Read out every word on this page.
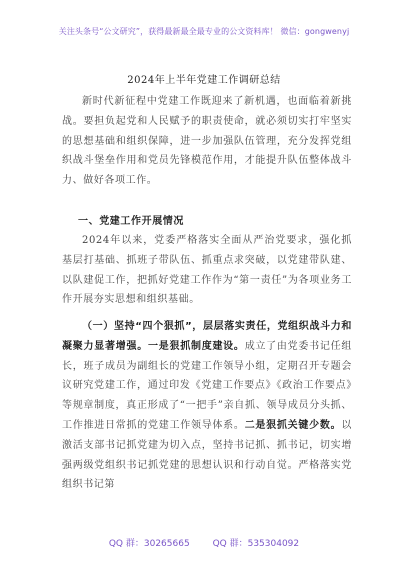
关注头条号“公文研究”，获得最新最全最专业的公文资料库！ 微信：gongwenyj
2024年上半年党建工作调研总结
新时代新征程中党建工作既迎来了新机遇，也面临着新挑战。要担负起党和人民赋予的职责使命，就必须切实打牢坚实的思想基础和组织保障，进一步加强队伍管理，充分发挥党组织战斗堡垒作用和党员先锋模范作用，才能提升队伍整体战斗力、做好各项工作。
一、党建工作开展情况
2024年以来，党委严格落实全面从严治党要求，强化抓基层打基础、抓班子带队伍、抓重点求突破，以党建带队建、以队建促工作，把抓好党建工作作为“第一责任”为各项业务工作开展夯实思想和组织基础。
（一）坚持“四个狠抓”，层层落实责任，党组织战斗力和凝聚力显著增强。一是狠抓制度建设。成立了由党委书记任组长，班子成员为副组长的党建工作领导小组，定期召开专题会议研究党建工作，通过印发《党建工作要点》《政治工作要点》等规章制度，真正形成了“一把手”亲自抓、领导成员分头抓、工作推进日常抓的党建工作领导体系。二是狠抓关键少数。以激活支部书记抓党建为切入点，坚持书记抓、抓书记，切实增强两级党组织书记抓党建的思想认识和行动自觉。严格落实党组织书记第
QQ 群：30265665	QQ 群：535304092
